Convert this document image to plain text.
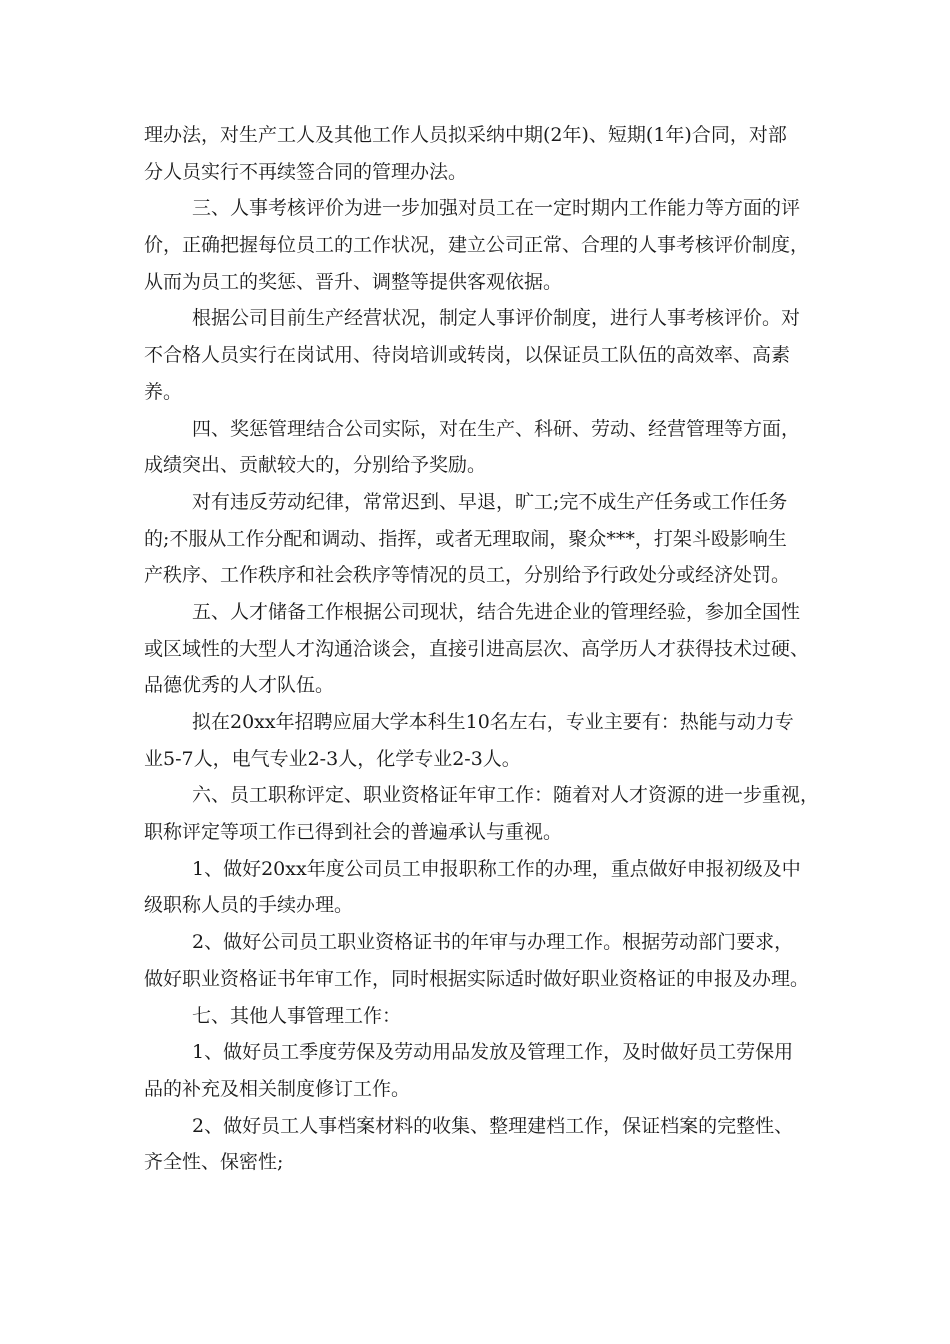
理办法，对生产工人及其他工作人员拟采纳中期(2年)、短期(1年)合同，对部
分人员实行不再续签合同的管理办法。
三、人事考核评价为进一步加强对员工在一定时期内工作能力等方面的评
价，正确把握每位员工的工作状况，建立公司正常、合理的人事考核评价制度，
从而为员工的奖惩、晋升、调整等提供客观依据。
根据公司目前生产经营状况，制定人事评价制度，进行人事考核评价。对
不合格人员实行在岗试用、待岗培训或转岗，以保证员工队伍的高效率、高素
养。
四、奖惩管理结合公司实际，对在生产、科研、劳动、经营管理等方面，
成绩突出、贡献较大的，分别给予奖励。
对有违反劳动纪律，常常迟到、早退，旷工;完不成生产任务或工作任务
的;不服从工作分配和调动、指挥，或者无理取闹，聚众***，打架斗殴影响生
产秩序、工作秩序和社会秩序等情况的员工，分别给予行政处分或经济处罚。
五、人才储备工作根据公司现状，结合先进企业的管理经验，参加全国性
或区域性的大型人才沟通洽谈会，直接引进高层次、高学历人才获得技术过硬、
品德优秀的人才队伍。
拟在20xx年招聘应届大学本科生10名左右，专业主要有：热能与动力专
业5-7人，电气专业2-3人，化学专业2-3人。
六、员工职称评定、职业资格证年审工作：随着对人才资源的进一步重视，
职称评定等项工作已得到社会的普遍承认与重视。
1、做好20xx年度公司员工申报职称工作的办理，重点做好申报初级及中
级职称人员的手续办理。
2、做好公司员工职业资格证书的年审与办理工作。根据劳动部门要求，
做好职业资格证书年审工作，同时根据实际适时做好职业资格证的申报及办理。
七、其他人事管理工作：
1、做好员工季度劳保及劳动用品发放及管理工作，及时做好员工劳保用
品的补充及相关制度修订工作。
2、做好员工人事档案材料的收集、整理建档工作，保证档案的完整性、
齐全性、保密性;
